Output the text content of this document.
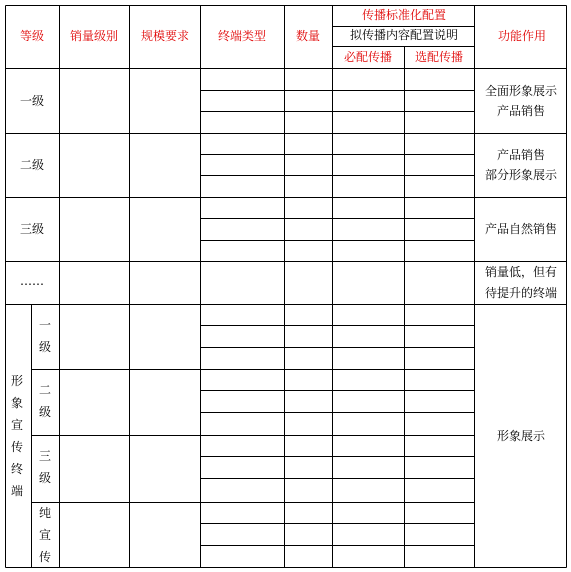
等级 销量级别 规模要求 终端类型 数量
传播标准化配置
拟传播内容配置说明
必配传播 选配传播
功能作用
一级
二级
三级
……
全面形象展示
产品销售
产品销售
部分形象展示
产品自然销售
销量低，但有
待提升的终端
形象宣传终端
一级
二级
三级
纯宣传
形象展示
